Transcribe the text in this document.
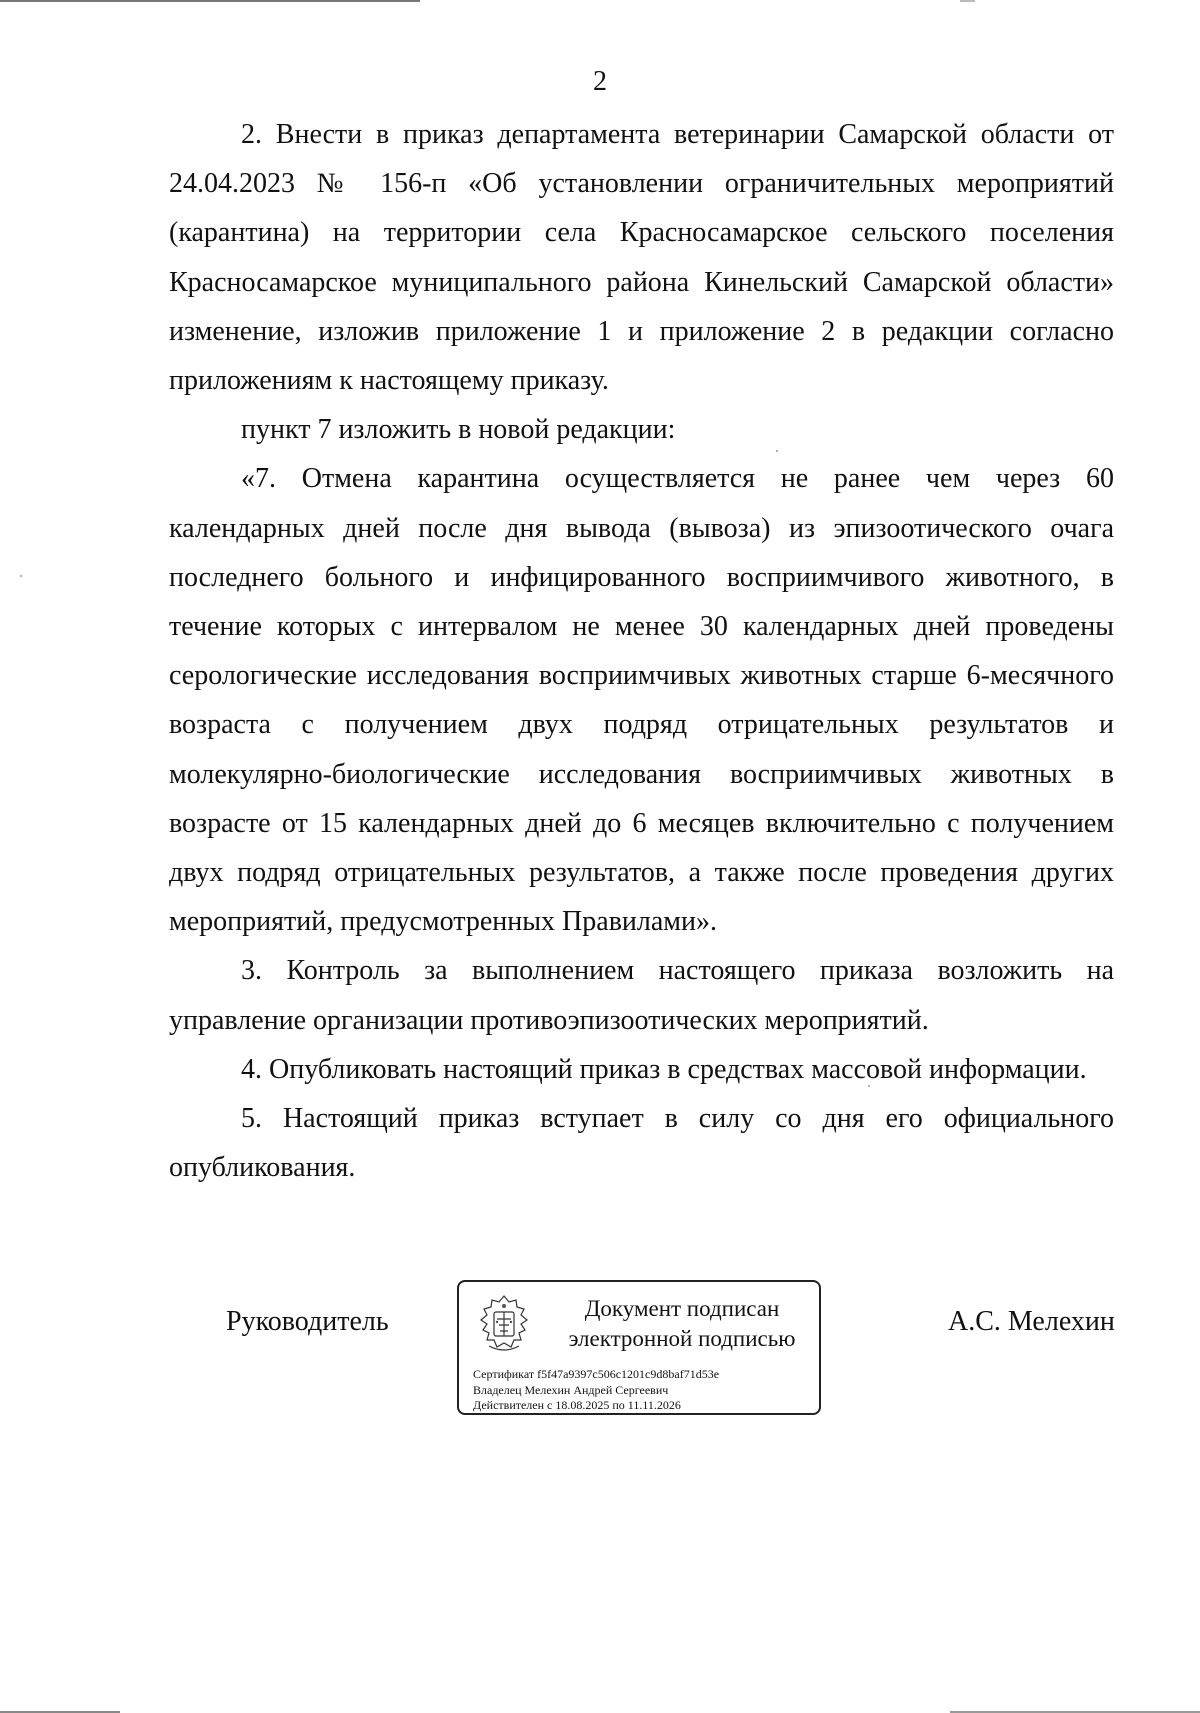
2

2. Внести в приказ департамента ветеринарии Самарской области от 24.04.2023 № 156-п «Об установлении ограничительных мероприятий (карантина) на территории села Красносамарское сельского поселения Красносамарское муниципального района Кинельский Самарской области» изменение, изложив приложение 1 и приложение 2 в редакции согласно приложениям к настоящему приказу.

пункт 7 изложить в новой редакции:

«7. Отмена карантина осуществляется не ранее чем через 60 календарных дней после дня вывода (вывоза) из эпизоотического очага последнего больного и инфицированного восприимчивого животного, в течение которых с интервалом не менее 30 календарных дней проведены серологические исследования восприимчивых животных старше 6-месячного возраста с получением двух подряд отрицательных результатов и молекулярно-биологические исследования восприимчивых животных в возрасте от 15 календарных дней до 6 месяцев включительно с получением двух подряд отрицательных результатов, а также после проведения других мероприятий, предусмотренных Правилами».

3. Контроль за выполнением настоящего приказа возложить на управление организации противоэпизоотических мероприятий.

4. Опубликовать настоящий приказ в средствах массовой информации.

5. Настоящий приказ вступает в силу со дня его официального опубликования.

Руководитель	Документ подписан
электронной подписью
Сертификат f5f47a9397c506c1201c9d8baf71d53e
Владелец Мелехин Андрей Сергеевич
Действителен с 18.08.2025 по 11.11.2026
А.С. Мелехин
